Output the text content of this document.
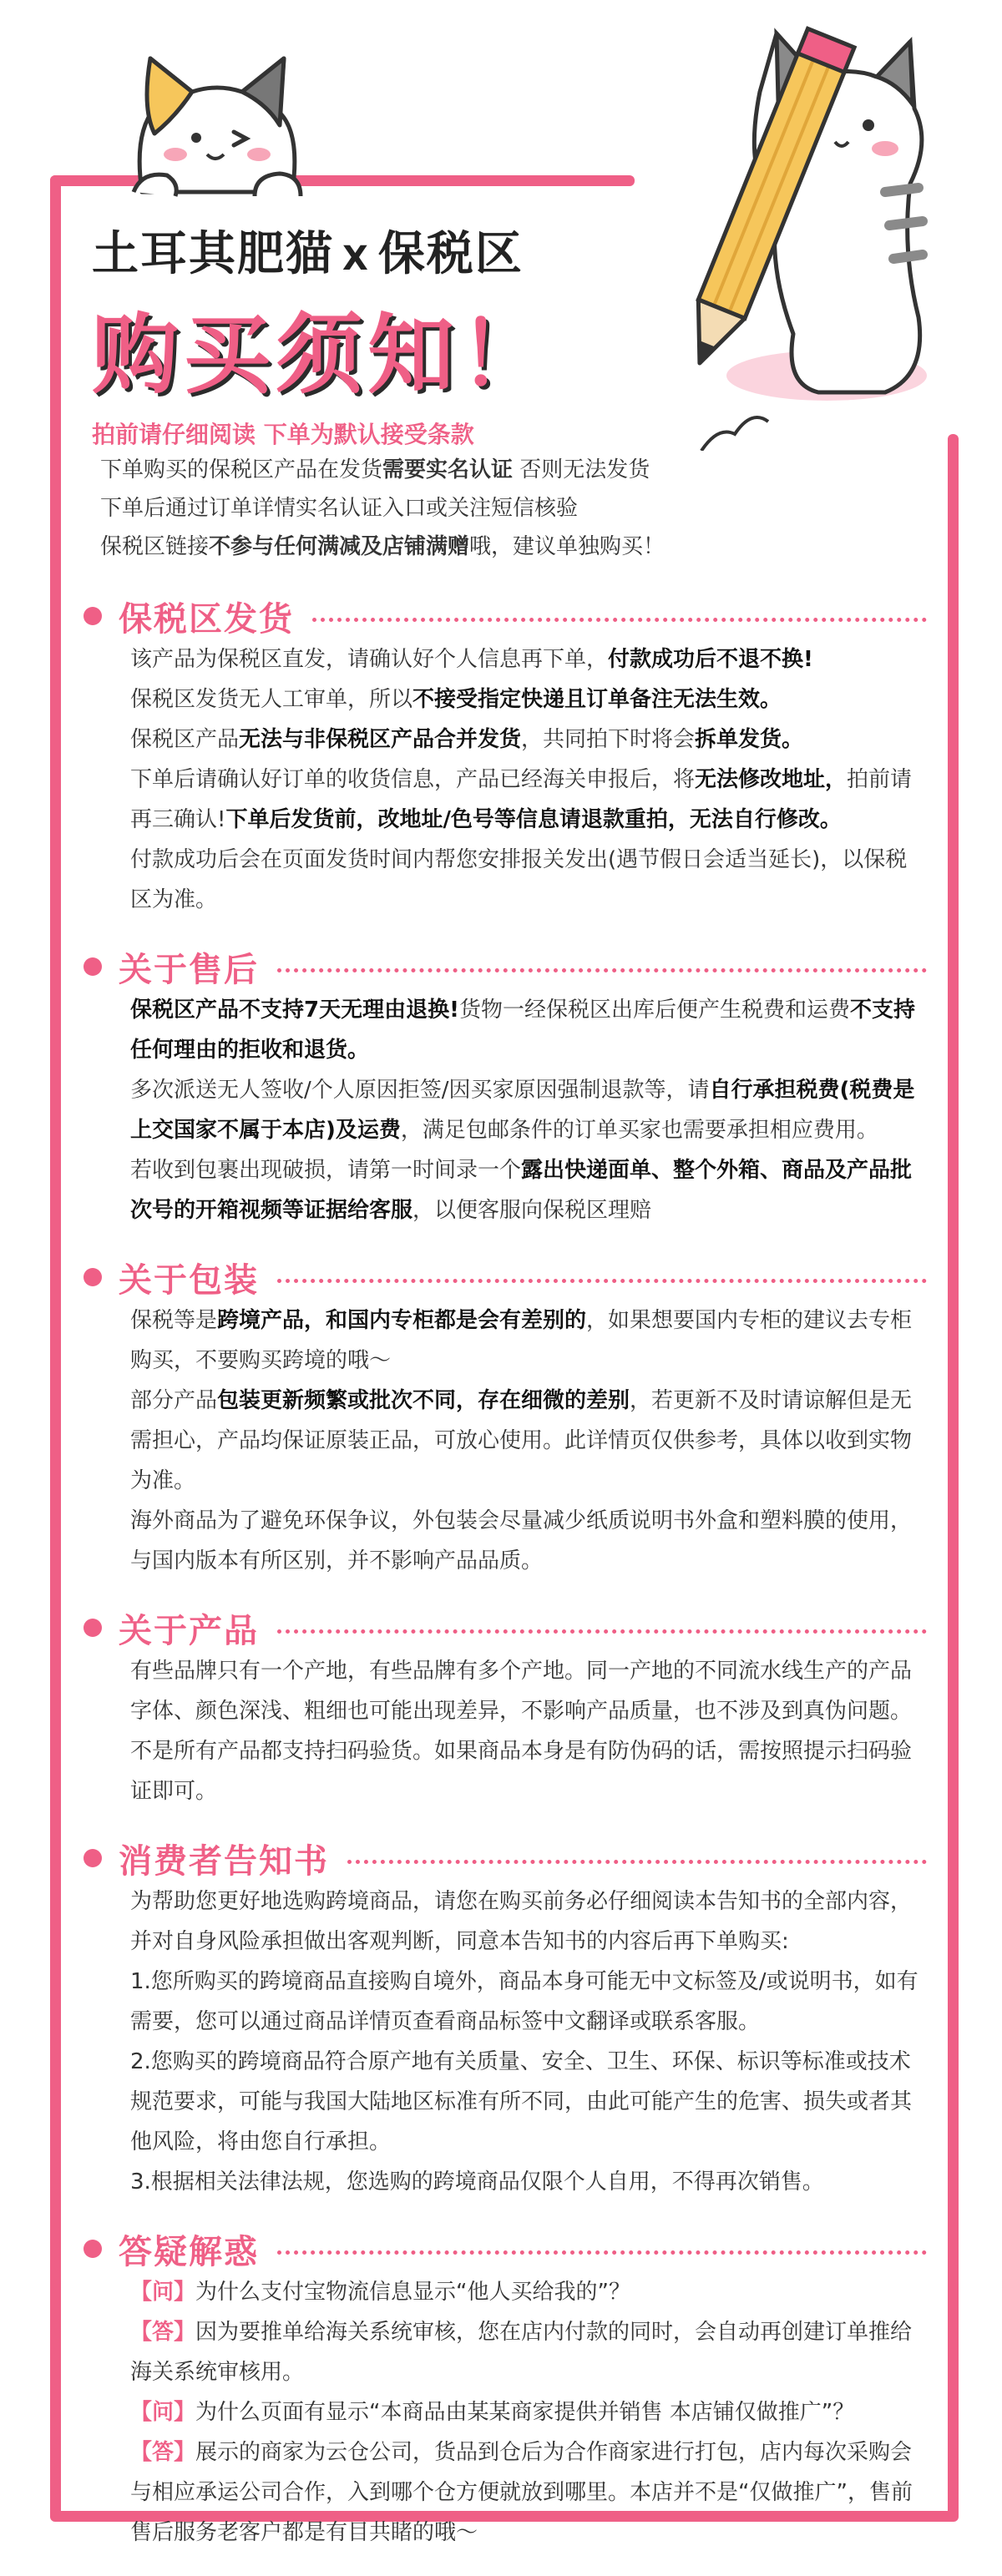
土耳其肥猫 X 保税区
购买须知！
拍前请仔细阅读 下单为默认接受条款

下单购买的保税区产品在发货需要实名认证 否则无法发货

下单后通过订单详情实名认证入口或关注短信核验

保税区链接不参与任何满减及店铺满赠哦，建议单独购买！

保税区发货

该产品为保税区直发，请确认好个人信息再下单，付款成功后不退不换!

保税区发货无人工审单，所以不接受指定快递且订单备注无法生效。

保税区产品无法与非保税区产品合并发货，共同拍下时将会拆单发货。

下单后请确认好订单的收货信息，产品已经海关申报后，将无法修改地址，拍前请再三确认!下单后发货前，改地址/色号等信息请退款重拍，无法自行修改。

付款成功后会在页面发货时间内帮您安排报关发出(遇节假日会适当延长)，以保税区为准。

关于售后

保税区产品不支持7天无理由退换!货物一经保税区出库后便产生税费和运费不支持任何理由的拒收和退货。

多次派送无人签收/个人原因拒签/因买家原因强制退款等，请自行承担税费(税费是上交国家不属于本店)及运费，满足包邮条件的订单买家也需要承担相应费用。

若收到包裹出现破损，请第一时间录一个露出快递面单、整个外箱、商品及产品批次号的开箱视频等证据给客服，以便客服向保税区理赔

关于包装

保税等是跨境产品，和国内专柜都是会有差别的，如果想要国内专柜的建议去专柜购买，不要购买跨境的哦～

部分产品包装更新频繁或批次不同，存在细微的差别，若更新不及时请谅解但是无需担心，产品均保证原装正品，可放心使用。此详情页仅供参考，具体以收到实物为准。

海外商品为了避免环保争议，外包装会尽量减少纸质说明书外盒和塑料膜的使用，与国内版本有所区别，并不影响产品品质。

关于产品

有些品牌只有一个产地，有些品牌有多个产地。同一产地的不同流水线生产的产品字体、颜色深浅、粗细也可能出现差异，不影响产品质量，也不涉及到真伪问题。

不是所有产品都支持扫码验货。如果商品本身是有防伪码的话，需按照提示扫码验证即可。

消费者告知书

为帮助您更好地选购跨境商品，请您在购买前务必仔细阅读本告知书的全部内容，并对自身风险承担做出客观判断，同意本告知书的内容后再下单购买:

1.您所购买的跨境商品直接购自境外，商品本身可能无中文标签及/或说明书，如有需要，您可以通过商品详情页查看商品标签中文翻译或联系客服。

2.您购买的跨境商品符合原产地有关质量、安全、卫生、环保、标识等标准或技术规范要求，可能与我国大陆地区标准有所不同，由此可能产生的危害、损失或者其他风险，将由您自行承担。

3.根据相关法律法规，您选购的跨境商品仅限个人自用，不得再次销售。

答疑解惑

【问】为什么支付宝物流信息显示“他人买给我的”？

【答】因为要推单给海关系统审核，您在店内付款的同时，会自动再创建订单推给海关系统审核用。

【问】为什么页面有显示“本商品由某某商家提供并销售 本店铺仅做推广”？

【答】展示的商家为云仓公司，货品到仓后为合作商家进行打包，店内每次采购会与相应承运公司合作，入到哪个仓方便就放到哪里。本店并不是“仅做推广”，售前售后服务老客户都是有目共睹的哦～
